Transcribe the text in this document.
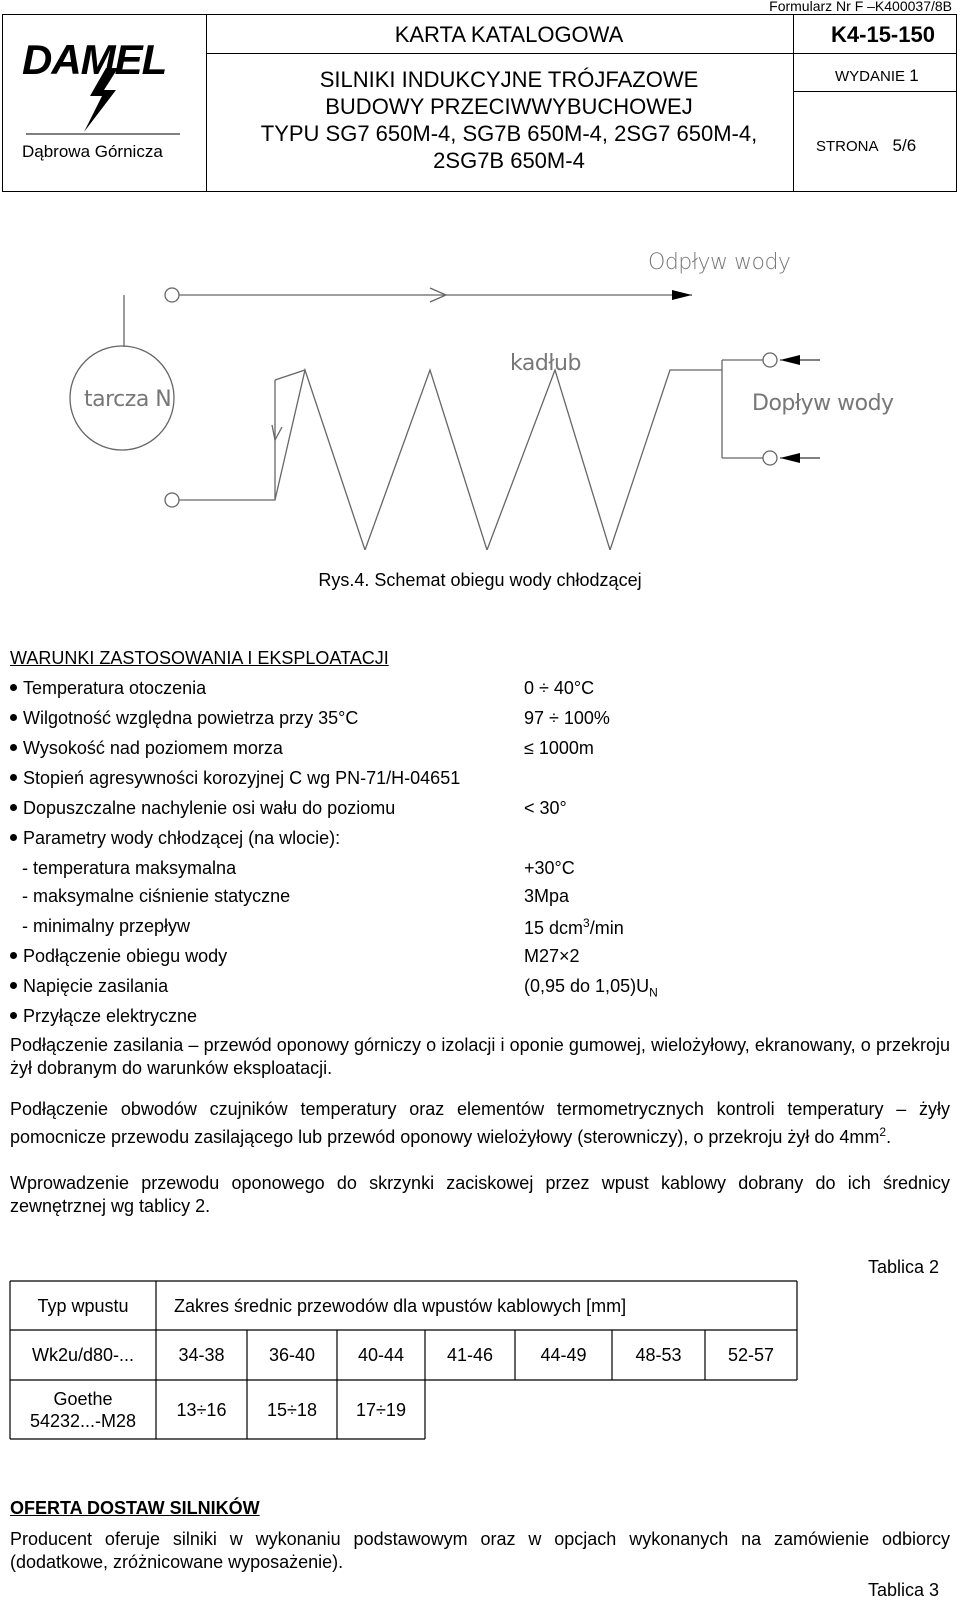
Formularz Nr F –K400037/8B
DAMEL
Dąbrowa Górnicza
KARTA KATALOGOWA	K4-15-150
SILNIKI INDUKCYJNE TRÓJFAZOWE
BUDOWY PRZECIWWYBUCHOWEJ
TYPU SG7 650M-4, SG7B 650M-4, 2SG7 650M-4,
2SG7B 650M-4
WYDANIE 1
STRONA 5/6
Odpływ wody
kadłub
Dopływ wody
tarcza N
Rys.4. Schemat obiegu wody chłodzącej
WARUNKI ZASTOSOWANIA I EKSPLOATACJI
Temperatura otoczenia	0 ÷ 40°C
Wilgotność względna powietrza przy 35°C	97 ÷ 100%
Wysokość nad poziomem morza	≤ 1000m
Stopień agresywności korozyjnej C wg PN-71/H-04651
Dopuszczalne nachylenie osi wału do poziomu	< 30°
Parametry wody chłodzącej (na wlocie):
- temperatura maksymalna	+30°C
- maksymalne ciśnienie statyczne	3Mpa
- minimalny przepływ	15 dcm$^3$/min
Podłączenie obiegu wody	M27×2
Napięcie zasilania	(0,95 do $1,05)U_N$
Przyłącze elektryczne
Podłączenie zasilania – przewód oponowy górniczy o izolacji i oponie gumowej, wielożyłowy, ekranowany, o przekroju żył dobranym do warunków eksploatacji.
Podłączenie obwodów czujników temperatury oraz elementów termometrycznych kontroli temperatury – żyły pomocnicze przewodu zasilającego lub przewód oponowy wielożyłowy (sterowniczy), o przekroju żył do $4mm^2$.
Wprowadzenie przewodu oponowego do skrzynki zaciskowej przez wpust kablowy dobrany do ich średnicy zewnętrznej wg tablicy 2.
Tablica 2
Typ wpustu	Zakres średnic przewodów dla wpustów kablowych [mm]
Wk2u/d80-...	34-38	36-40	40-44	41-46	44-49	48-53	52-57
Goethe
54232...-M28
13÷16	15÷18	17÷19
OFERTA DOSTAW SILNIKÓW
Producent oferuje silniki w wykonaniu podstawowym oraz w opcjach wykonanych na zamówienie odbiorcy (dodatkowe, zróżnicowane wyposażenie).
Tablica 3
